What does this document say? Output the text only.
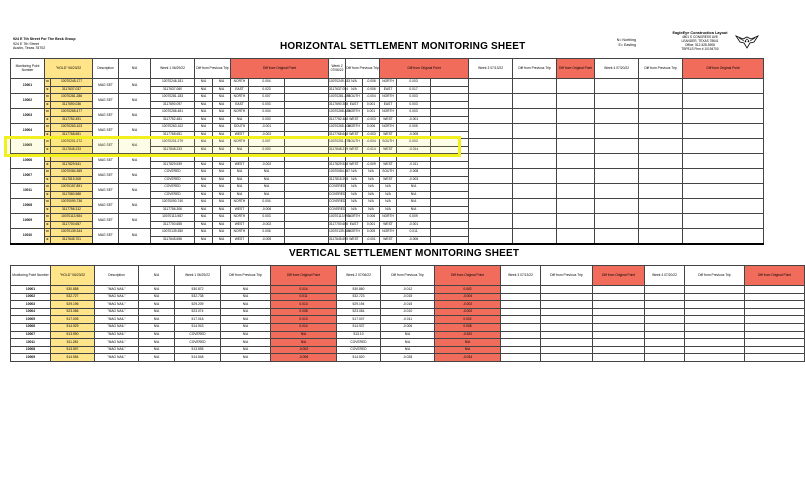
924 E 7th Street For The Beck Group
924 E 7th Street
Austin, Texas 78702	HORIZONTAL SETTLEMENT MONITORING SHEET
N= Northing
E= Easting
EagleEye Construction Layout
4801 S CONGRESS AVE
LEANDER, TEXAS 78641
Office: 512-528-5908
TBPELS Firm # 10194700
Monitoring Point Number	"HOLD" 06/23/22		Description	N/A	Week 1 06/29/22	Diff from Previous Trip		Diff from Original Point			Week 2 07/06/22	Diff from Previous Trip		Diff from Original Point			Week 3 07/13/22	Diff from Previous Trip	Diff from Original Point	Week 4 07/20/22	Diff from Previous Trip	Diff from Original Point
10001	N	10070245.177	MAG SET	N/A	10070246.181	N/A	N/A	NORTH	0.004		10070249.183	N/A	-0.006	NORTH	0.003							
	E	3117637.037			3117637.060	N/A	N/A	EAST	0.023		3117637.054	N/A	-0.006	EAST	0.017							
10002	N	10070281.286	MAG SET	N/A	10070281.183	N/A	N/A	NORTH	0.007		10070281.289	SOUTH	-0.004	NORTH	0.003							
	E	3117690.036			3117690.097	N/A	N/A	EAST	0.003		3117690.358	EAST	0.001	EAST	0.003							
10003	N	10070265.477	MAG SET	N/A	10070266.481	N/A	N/A	NORTH	0.004		10070268.483	NORTH	0.001	NORTH	0.003							
	E	3117752.491			3117752.481	N/A	N/A	N/A	0.000		3117752.488	WEST	-0.003	WEST	-0.001							
10004	N	10070263.103	MAG SET	N/A	10070263.102	N/A	N/A	SOUTH	-0.001		10070265.108	NORTH	0.006	NORTH	0.005							
	E	3117768.651			3117768.651	N/A	N/A	WEST	-0.002		3117768.648	WEST	-0.003	WEST	-0.005							
10005	N	10070201.272	MAG SET	N/A	10070201.279	N/A	N/A	NORTH	0.007		10070201.275	SOUTH	-0.004	SOUTH	0.003							
	E	3117848.233			3117848.233	N/A	N/A	N/A	0.000		3117848.219	WEST	-0.014	WEST	-0.014							
10006	N	10070149.978	MAG SET	N/A	10070149.978	N/A	N/A	NORTH	0.000		10070149.976	SOUTH	-0.002	SOUTH	-0.002							
	E	3117829.541			3117829.539	N/A	N/A	WEST	-0.002		3117829.538	WEST	-0.009	WEST	-0.011							
10007	N	10070084.365	MAG SET	N/A	COVERED	N/A	N/A	N/A	N/A		10070084.357	N/A	N/A	SOUTH	-0.008							
	E	3117815.308			COVERED	N/A	N/A	N/A	N/A		3117815.295	N/A	N/A	WEST	-0.003							
10011	N	10070157.891	MAG SET	N/A	COVERED	N/A	N/A	N/A	N/A		COVERED	N/A	N/A	N/A	N/A							
	E	3117580.588			COVERED	N/A	N/A	N/A	N/A		COVERED	N/A	N/A	N/A	N/A							
10008	N	10070090.736	MAG SET	N/A	10070090.740	N/A	N/A	NORTH	0.004		COVERED	N/A	N/A	N/A	N/A							
	E	3117756.312			3117756.306	N/A	N/A	WEST	-0.006		COVERED	N/A	N/A	N/A	N/A							
10009	N	10070113.984	MAG SET	N/A	10070113.987	N/A	N/A	NORTH	0.003		10070113.993	NORTH	0.006	NORTH	0.009							
	E	3117700.657			3117700.655	N/A	N/A	WEST	-0.002		3117700.656	EAST	0.001	WEST	-0.001							
10010	N	10070139.344	MAG SET	N/A	10070139.350	N/A	N/A	NORTH	0.006		10070139.355	NORTH	0.005	NORTH	0.011							
	E	3117645.701			3117645.696	N/A	N/A	WEST	-0.005		3117645.695	WEST	-0.001	WEST	-0.006							
VERTICAL SETTLEMENT MONITORING SHEET
Monitoring Point Number	"HOLD" 06/23/22	Description	N/A	Week 1 06/29/22	Diff from Previous Trip	Diff from Original Point	Week 2 07/06/22	Diff from Previous Trip	Diff from Original Point	Week 3 07/13/22	Diff from Previous Trip	Diff from Original Point	Week 4 07/20/22	Diff from Previous Trip	Diff from Original Point
10001	530.858	"MAG NAIL"	N/A	530.872	N/A	0.014	530.860	-0.012	0.002						
10002	532.727	"MAG NAIL"	N/A	532.738	N/A	0.011	532.723	-0.015	-0.004						
10003	529.196	"MAG NAIL"	N/A	529.209	N/A	0.013	529.194	-0.015	-0.002						
10004	523.066	"MAG NAIL"	N/A	523.074	N/A	0.008	523.064	-0.010	-0.002						
10005	517.005	"MAG NAIL"	N/A	517.018	N/A	0.013	517.007	-0.011	0.002						
10006	514.929	"MAG NAIL"	N/A	514.943	N/A	0.014	514.937	-0.006	0.008						
10007	513.590	"MAG NAIL"	N/A	COVERED	N/A	N/A	513.10	N/A	-0.520						
10011	511.281	"MAG NAIL"	N/A	COVERED	N/A	N/A	COVERED	N/A	N/A						
10008	513.597	"MAG NAIL"	N/A	513.595	N/A	-0.002	COVERED	N/A	N/A						
10009	514.554	"MAG NAIL"	N/A	514.548	N/A	-0.006	514.520	-0.028	-0.034						
